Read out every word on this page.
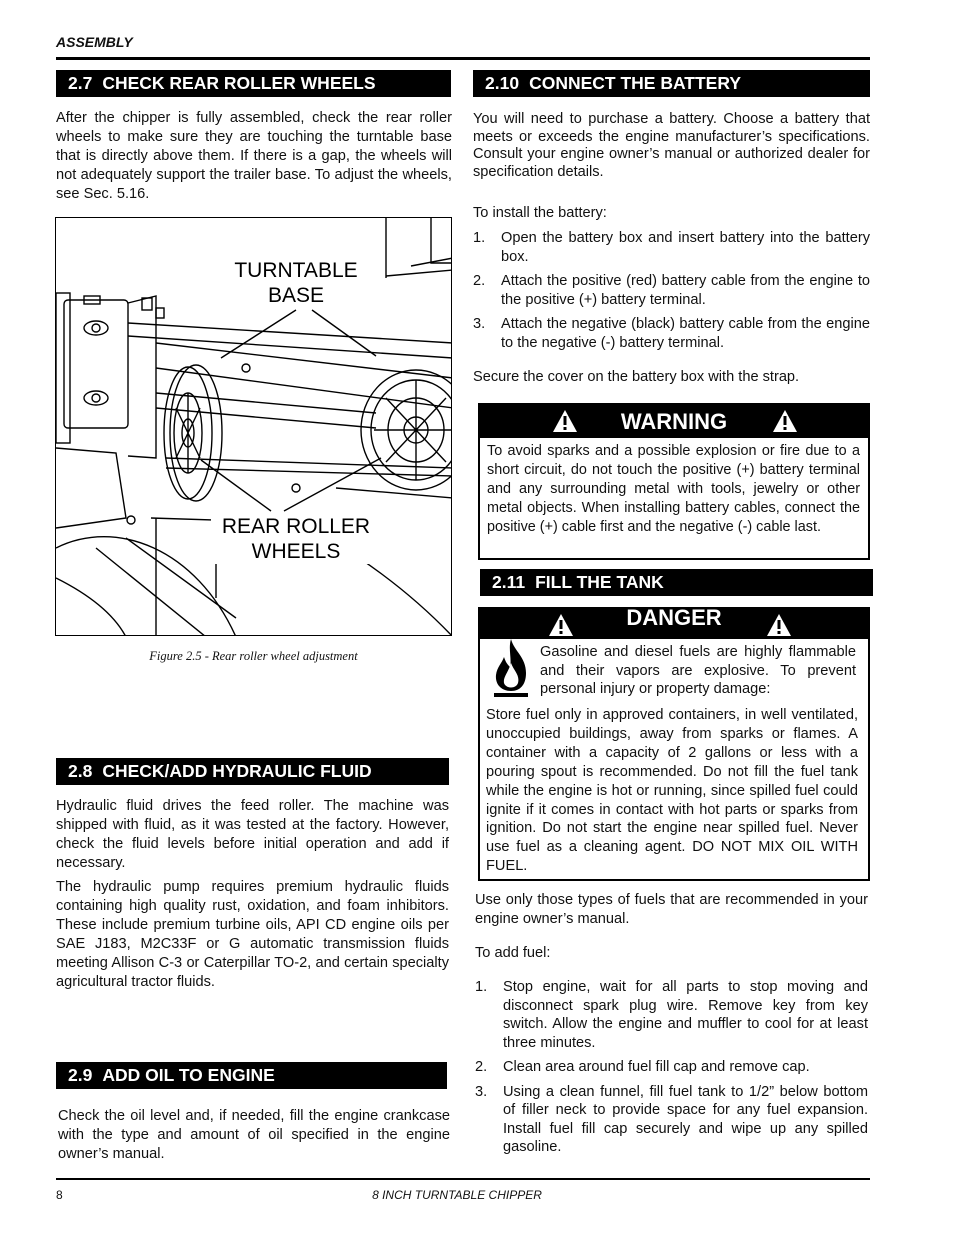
ASSEMBLY
2.7 CHECK REAR ROLLER WHEELS

After the chipper is fully assembled, check the rear roller wheels to make sure they are touching the turntable base that is directly above them. If there is a gap, the wheels will not adequately support the trailer base. To adjust the wheels, see Sec. 5.16.

TURNTABLE
BASE
REAR ROLLER
WHEELS
Figure 2.5 - Rear roller wheel adjustment
2.8 CHECK/ADD HYDRAULIC FLUID

Hydraulic fluid drives the feed roller. The machine was shipped with fluid, as it was tested at the factory. However, check the fluid levels before initial operation and add if necessary.

The hydraulic pump requires premium hydraulic fluids containing high quality rust, oxidation, and foam inhibitors. These include premium turbine oils, API CD engine oils per SAE J183, M2C33F or G automatic transmission fluids meeting Allison C-3 or Caterpillar TO-2, and certain specialty agricultural tractor fluids.

2.9 ADD OIL TO ENGINE

Check the oil level and, if needed, fill the engine crankcase with the type and amount of oil specified in the engine owner’s manual.

2.10 CONNECT THE BATTERY

You will need to purchase a battery. Choose a battery that meets or exceeds the engine manufacturer’s specifications. Consult your engine owner’s manual or authorized dealer for specification details.

To install the battery:

1. Open the battery box and insert battery into the battery box.
2. Attach the positive (red) battery cable from the engine to the positive (+) battery terminal.
3. Attach the negative (black) battery cable from the engine to the negative (-) battery terminal.

Secure the cover on the battery box with the strap.

WARNING

To avoid sparks and a possible explosion or fire due to a short circuit, do not touch the positive (+) battery terminal and any surrounding metal with tools, jewelry or other metal objects. When installing battery cables, connect the positive (+) cable first and the negative (-) cable last.

2.11 FILL THE TANK
DANGER

Gasoline and diesel fuels are highly flammable and their vapors are explosive. To prevent personal injury or property damage:

Store fuel only in approved containers, in well ventilated, unoccupied buildings, away from sparks or flames. A container with a capacity of 2 gallons or less with a pouring spout is recommended. Do not fill the fuel tank while the engine is hot or running, since spilled fuel could ignite if it comes in contact with hot parts or sparks from ignition. Do not start the engine near spilled fuel. Never use fuel as a cleaning agent. DO NOT MIX OIL WITH FUEL.

Use only those types of fuels that are recommended in your engine owner’s manual.

To add fuel:

1. Stop engine, wait for all parts to stop moving and disconnect spark plug wire. Remove key from key switch. Allow the engine and muffler to cool for at least three minutes.
2. Clean area around fuel fill cap and remove cap.
3. Using a clean funnel, fill fuel tank to 1/2” below bottom of filler neck to provide space for any fuel expansion. Install fuel fill cap securely and wipe up any spilled gasoline.
8	8 INCH TURNTABLE CHIPPER
